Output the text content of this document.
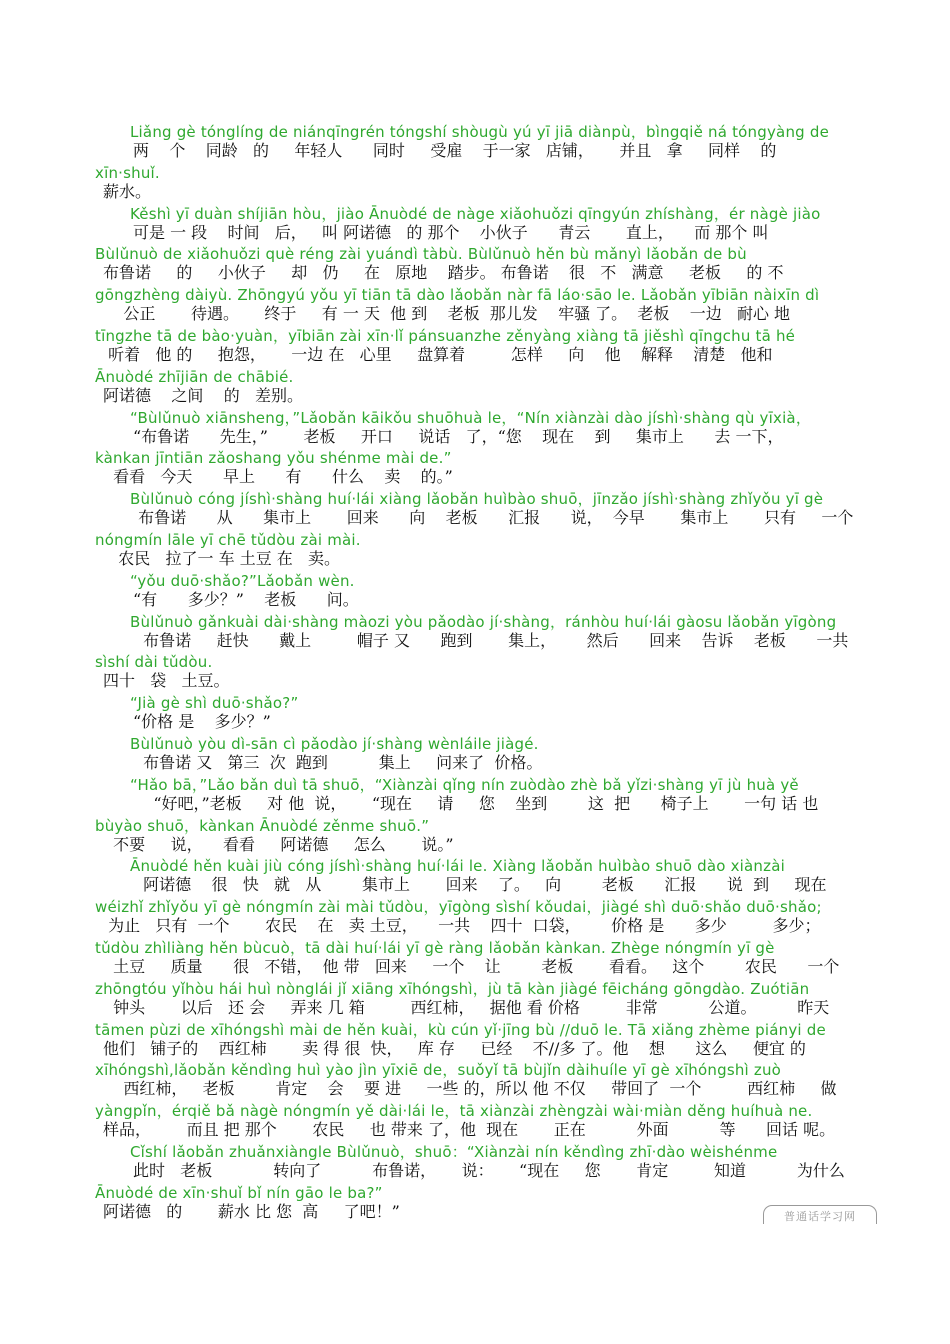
Liǎng gè tónglíng de niánqīngrén tóngshí shòugù yú yī jiā diànpù，bìngqiě ná tóngyàng de
两    个    同龄   的     年轻人      同时     受雇    于一家   店铺，     并且   拿     同样    的
xīn·shuǐ.
薪水。
Kěshì yī duàn shíjiān hòu，jiào Ānuòdé de nàge xiǎohuǒzi qīngyún zhíshàng，ér nàgè jiào
可是 一 段    时间   后，   叫 阿诺德   的 那个    小伙子      青云       直上，    而 那个 叫
Bùlǔnuò de xiǎohuǒzi què réng zài yuándì tàbù. Bùlǔnuò hěn bù mǎnyì lǎobǎn de bù
布鲁诺     的     小伙子     却   仍     在   原地    踏步。 布鲁诺    很   不   满意     老板     的 不
gōngzhèng dàiyù. Zhōngyú yǒu yī tiān tā dào lǎobǎn nàr fā láo·sāo le. Lǎobǎn yībiān nàixīn dì
公正       待遇。     终于     有 一 天  他 到    老板  那儿发    牢骚 了。  老板    一边   耐心 地
tīngzhe tā de bào·yuàn，yībiān zài xīn·lǐ pánsuanzhe zěnyàng xiàng tā jiěshì qīngchu tā hé
听着   他 的     抱怨，     一边 在   心里     盘算着         怎样     向    他    解释    清楚   他和
Ānuòdé zhījiān de chābié.
阿诺德    之间    的   差别。
“Bùlǔnuò xiānsheng，”Lǎobǎn kāikǒu shuōhuà le，“Nín xiànzài dào jíshì·shàng qù yīxià，
“布鲁诺      先生，”       老板     开口     说话   了，“您    现在    到     集市上      去 一下，
kànkan jīntiān zǎoshang yǒu shénme mài de.”
看看   今天      早上      有      什么    卖    的。”
Bùlǔnuò cóng jíshì·shàng huí·lái xiàng lǎobǎn huìbào shuō，jīnzǎo jíshì·shàng zhǐyǒu yī gè
布鲁诺      从      集市上       回来      向    老板      汇报      说，  今早       集市上       只有     一个
nóngmín lāle yī chē tǔdòu zài mài.
农民   拉了一 车 土豆 在   卖。
“yǒu duō·shǎo?”Lǎobǎn wèn.
“有      多少？”    老板      问。
Bùlǔnuò gǎnkuài dài·shàng màozi yòu pǎodào jí·shàng，ránhòu huí·lái gàosu lǎobǎn yīgòng
布鲁诺     赶快      戴上         帽子 又      跑到       集上，      然后      回来    告诉    老板      一共
sìshí dài tǔdòu.
四十   袋   土豆。
“Jià gè shì duō·shǎo?”
“价格 是    多少？”
Bùlǔnuò yòu dì-sān cì pǎodào jí·shàng wènláile jiàgé.
布鲁诺 又   第三  次  跑到          集上     问来了  价格。
“Hǎo bā，”Lǎo bǎn duì tā shuō，“Xiànzài qǐng nín zuòdào zhè bǎ yǐzi·shàng yī jù huà yě
“好吧，”老板     对 他  说，     “现在     请     您    坐到        这  把      椅子上       一句 话 也
bùyào shuō，kànkan Ānuòdé zěnme shuō.”
不要     说，    看看     阿诺德     怎么       说。”
Ānuòdé hěn kuài jiù cóng jíshì·shàng huí·lái le. Xiàng lǎobǎn huìbào shuō dào xiànzài
阿诺德    很   快   就   从        集市上       回来    了。   向        老板      汇报      说  到     现在
wéizhǐ zhǐyǒu yī gè nóngmín zài mài tǔdòu，yīgòng sìshí kǒudai，jiàgé shì duō·shǎo duō·shǎo;
为止   只有  一个       农民    在   卖 土豆，    一共    四十  口袋，      价格 是      多少         多少；
tǔdòu zhìliàng hěn bùcuò，tā dài huí·lái yī gè ràng lǎobǎn kànkan. Zhège nóngmín yī gè
土豆     质量      很   不错，  他 带   回来     一个    让        老板       看看。   这个        农民      一个
zhōngtóu yǐhòu hái huì nònglái jǐ xiāng xīhóngshì，jù tā kàn jiàgé fēicháng gōngdào. Zuótiān
钟头       以后   还 会     弄来 几 箱         西红柿，   据他 看 价格         非常          公道。        昨天
tāmen pùzi de xīhóngshì mài de hěn kuài，kù cún yǐ·jīng bù //duō le. Tā xiǎng zhème piányi de
他们   铺子的    西红柿       卖 得 很  快，   库 存     已经    不//多 了。他    想      这么     便宜 的
xīhóngshì,lǎobǎn kěndìng huì yào jìn yīxiē de，suǒyǐ tā bùjǐn dàihuíle yī gè xīhóngshì zuò
西红柿，   老板        肯定    会    要 进     一些 的，所以 他 不仅     带回了  一个         西红柿     做
yàngpǐn，érqiě bǎ nàgè nóngmín yě dài·lái le，tā xiànzài zhèngzài wài·miàn děng huíhuà ne.
样品，       而且 把 那个       农民     也 带来 了，他  现在       正在          外面          等      回话 呢。
Cǐshí lǎobǎn zhuǎnxiàngle Bùlǔnuò，shuō：“Xiànzài nín kěndìng zhī·dào wèishénme
此时   老板            转向了          布鲁诺，     说：     “现在     您       肯定         知道          为什么
Ānuòdé de xīn·shuǐ bǐ nín gāo le ba?”
阿诺德   的       薪水 比 您  高     了吧！”	普通话学习网
